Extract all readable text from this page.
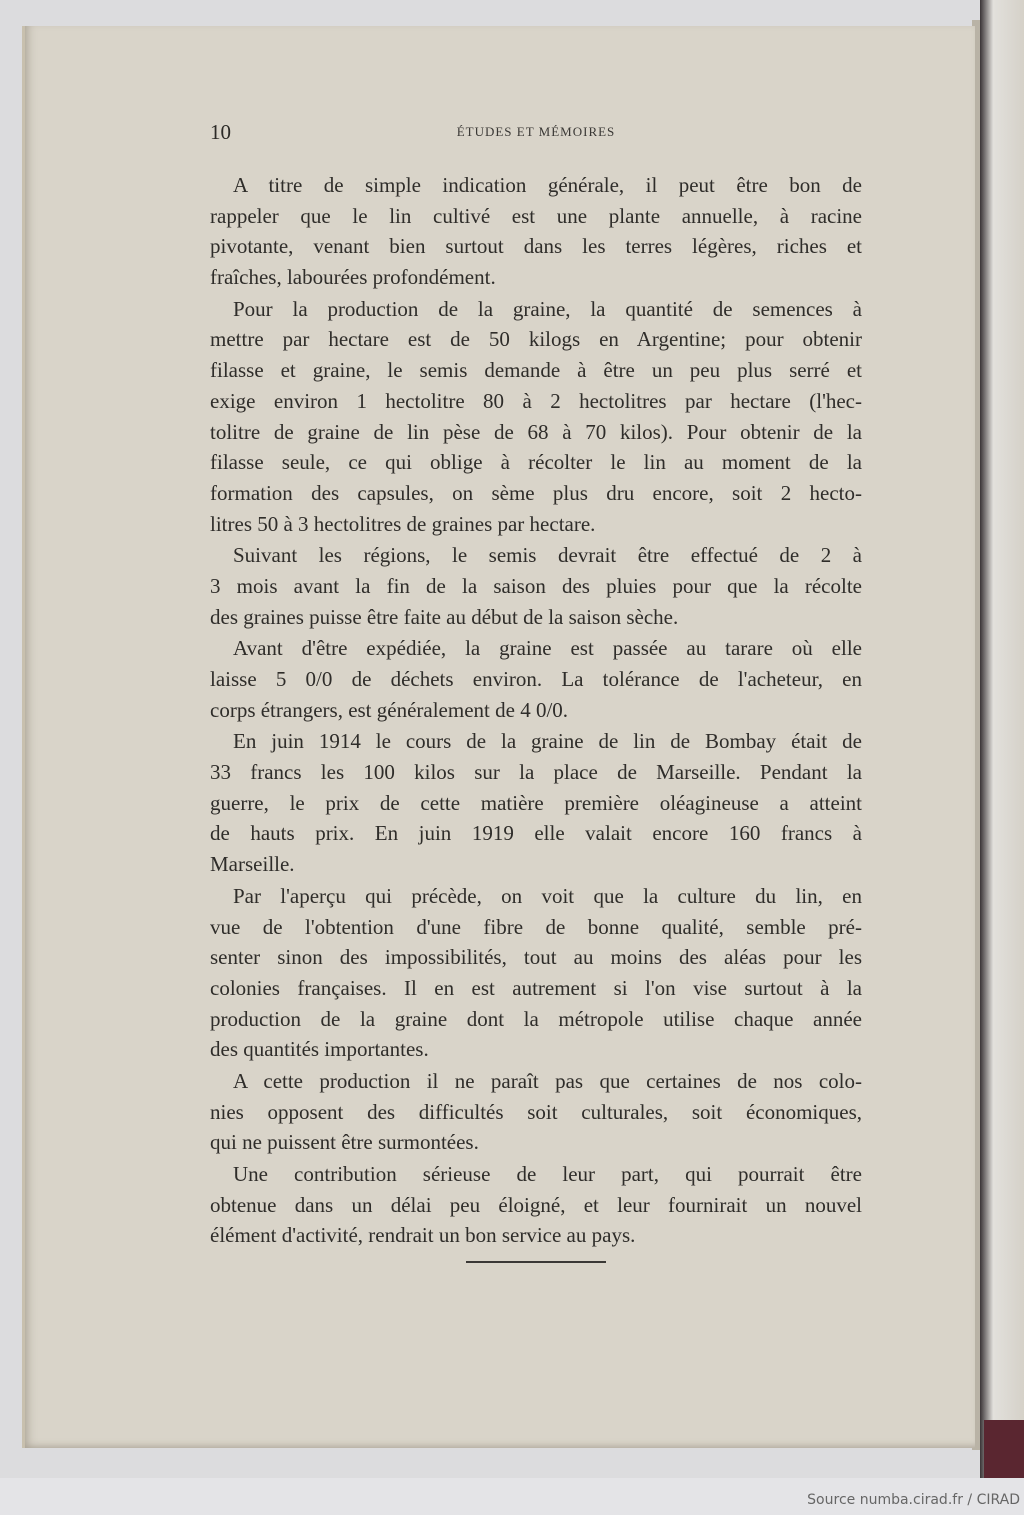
10	ÉTUDES ET MÉMOIRES
A titre de simple indication générale, il peut être bon de
rappeler que le lin cultivé est une plante annuelle, à racine
pivotante, venant bien surtout dans les terres légères, riches et
fraîches, labourées profondément.
Pour la production de la graine, la quantité de semences à
mettre par hectare est de 50 kilogs en Argentine; pour obtenir
filasse et graine, le semis demande à être un peu plus serré et
exige environ 1 hectolitre 80 à 2 hectolitres par hectare (l'hec-
tolitre de graine de lin pèse de 68 à 70 kilos). Pour obtenir de la
filasse seule, ce qui oblige à récolter le lin au moment de la
formation des capsules, on sème plus dru encore, soit 2 hecto-
litres 50 à 3 hectolitres de graines par hectare.
Suivant les régions, le semis devrait être effectué de 2 à
3 mois avant la fin de la saison des pluies pour que la récolte
des graines puisse être faite au début de la saison sèche.
Avant d'être expédiée, la graine est passée au tarare où elle
laisse 5 0/0 de déchets environ. La tolérance de l'acheteur, en
corps étrangers, est généralement de 4 0/0.
En juin 1914 le cours de la graine de lin de Bombay était de
33 francs les 100 kilos sur la place de Marseille. Pendant la
guerre, le prix de cette matière première oléagineuse a atteint
de hauts prix. En juin 1919 elle valait encore 160 francs à
Marseille.
Par l'aperçu qui précède, on voit que la culture du lin, en
vue de l'obtention d'une fibre de bonne qualité, semble pré-
senter sinon des impossibilités, tout au moins des aléas pour les
colonies françaises. Il en est autrement si l'on vise surtout à la
production de la graine dont la métropole utilise chaque année
des quantités importantes.
A cette production il ne paraît pas que certaines de nos colo-
nies opposent des difficultés soit culturales, soit économiques,
qui ne puissent être surmontées.
Une contribution sérieuse de leur part, qui pourrait être
obtenue dans un délai peu éloigné, et leur fournirait un nouvel
élément d'activité, rendrait un bon service au pays.
Source numba.cirad.fr / CIRAD
